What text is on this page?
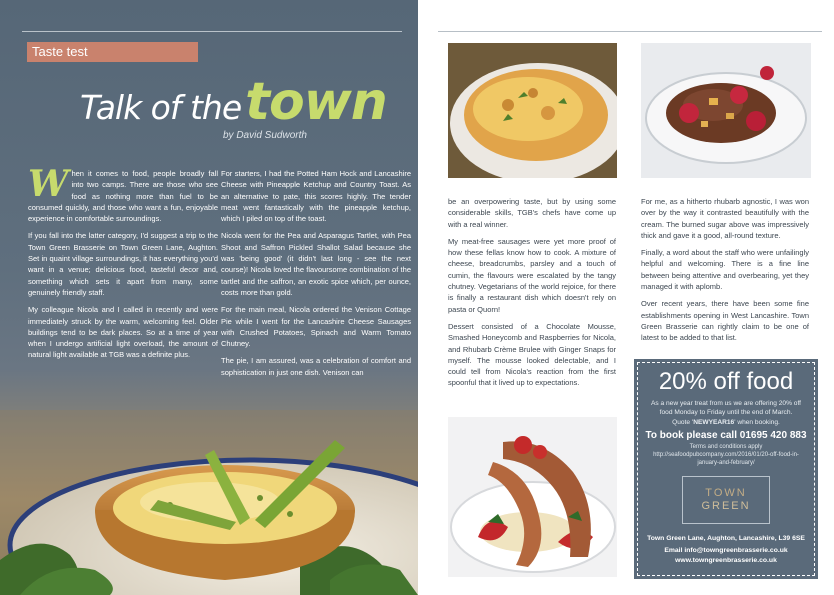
Taste test
Talk of thetown
by David Sudworth

When it comes to food, people broadly fall into two camps. There are those who see food as nothing more than fuel to be consumed quickly, and those who want a fun, enjoyable experience in comfortable surroundings.

If you fall into the latter category, I'd suggest a trip to the Town Green Brasserie on Town Green Lane, Aughton. Set in quaint village surroundings, it has everything you'd want in a venue; delicious food, tasteful decor and, something which sets it apart from many, some genuinely friendly staff.

My colleague Nicola and I called in recently and were immediately struck by the warm, welcoming feel. Older buildings tend to be dark places. So at a time of year when I undergo artificial light overload, the amount of natural light available at TGB was a definite plus.

For starters, I had the Potted Ham Hock and Lancashire Cheese with Pineapple Ketchup and Country Toast. As an alternative to pate, this scores highly. The tender meat went fantastically with the pineapple ketchup, which I piled on top of the toast.

Nicola went for the Pea and Asparagus Tartlet, with Pea Shoot and Saffron Pickled Shallot Salad because she was 'being good' (it didn't last long - see the next course)! Nicola loved the flavoursome combination of the tartlet and the saffron, an exotic spice which, per ounce, costs more than gold.

For the main meal, Nicola ordered the Venison Cottage Pie while I went for the Lancashire Cheese Sausages with Crushed Potatoes, Spinach and Warm Tomato Chutney.

The pie, I am assured, was a celebration of comfort and sophistication in just one dish. Venison can

be an overpowering taste, but by using some considerable skills, TGB's chefs have come up with a real winner.

My meat-free sausages were yet more proof of how these fellas know how to cook. A mixture of cheese, breadcrumbs, parsley and a touch of cumin, the flavours were escalated by the tangy chutney. Vegetarians of the world rejoice, for there is finally a restaurant dish which doesn't rely on pasta or Quorn!

Dessert consisted of a Chocolate Mousse, Smashed Honeycomb and Raspberries for Nicola, and Rhubarb Crème Brulee with Ginger Snaps for myself. The mousse looked delectable, and I could tell from Nicola's reaction from the first spoonful that it lived up to expectations.

For me, as a hitherto rhubarb agnostic, I was won over by the way it contrasted beautifully with the cream. The burned sugar above was impressively thick and gave it a good, all-round texture.

Finally, a word about the staff who were unfailingly helpful and welcoming. There is a fine line between being attentive and overbearing, yet they managed it with aplomb.

Over recent years, there have been some fine establishments opening in West Lancashire. Town Green Brasserie can rightly claim to be one of latest to be added to that list.

20% off food
As a new year treat from us we are offering 20% off food Monday to Friday until the end of March.
Quote 'NEWYEAR16' when booking.
To book please call 01695 420 883
Terms and conditions apply http://seafoodpubcompany.com/2016/01/20-off-food-in-january-and-february/
TOWN
GREEN
Town Green Lane, Aughton, Lancashire, L39 6SE
Email info@towngreenbrasserie.co.uk
www.towngreenbrasserie.co.uk
